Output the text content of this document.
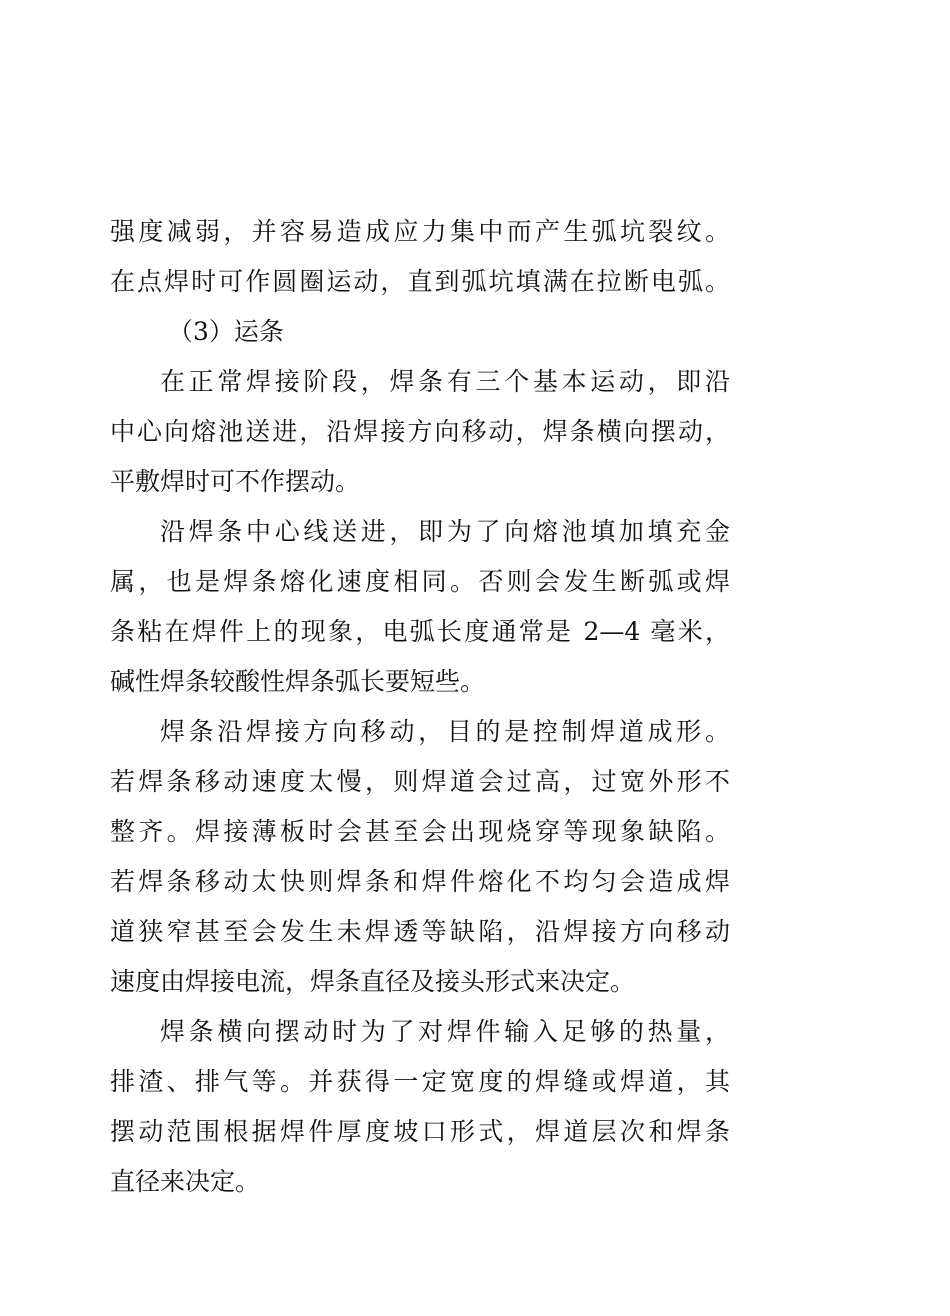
强度减弱，并容易造成应力集中而产生弧坑裂纹。
在点焊时可作圆圈运动，直到弧坑填满在拉断电弧。
（3）运条
在正常焊接阶段，焊条有三个基本运动，即沿
中心向熔池送进，沿焊接方向移动，焊条横向摆动，
平敷焊时可不作摆动。
沿焊条中心线送进，即为了向熔池填加填充金
属，也是焊条熔化速度相同。否则会发生断弧或焊
条粘在焊件上的现象，电弧长度通常是 2—4 毫米，
碱性焊条较酸性焊条弧长要短些。
焊条沿焊接方向移动，目的是控制焊道成形。
若焊条移动速度太慢，则焊道会过高，过宽外形不
整齐。焊接薄板时会甚至会出现烧穿等现象缺陷。
若焊条移动太快则焊条和焊件熔化不均匀会造成焊
道狭窄甚至会发生未焊透等缺陷，沿焊接方向移动
速度由焊接电流，焊条直径及接头形式来决定。
焊条横向摆动时为了对焊件输入足够的热量，
排渣、排气等。并获得一定宽度的焊缝或焊道，其
摆动范围根据焊件厚度坡口形式，焊道层次和焊条
直径来决定。
